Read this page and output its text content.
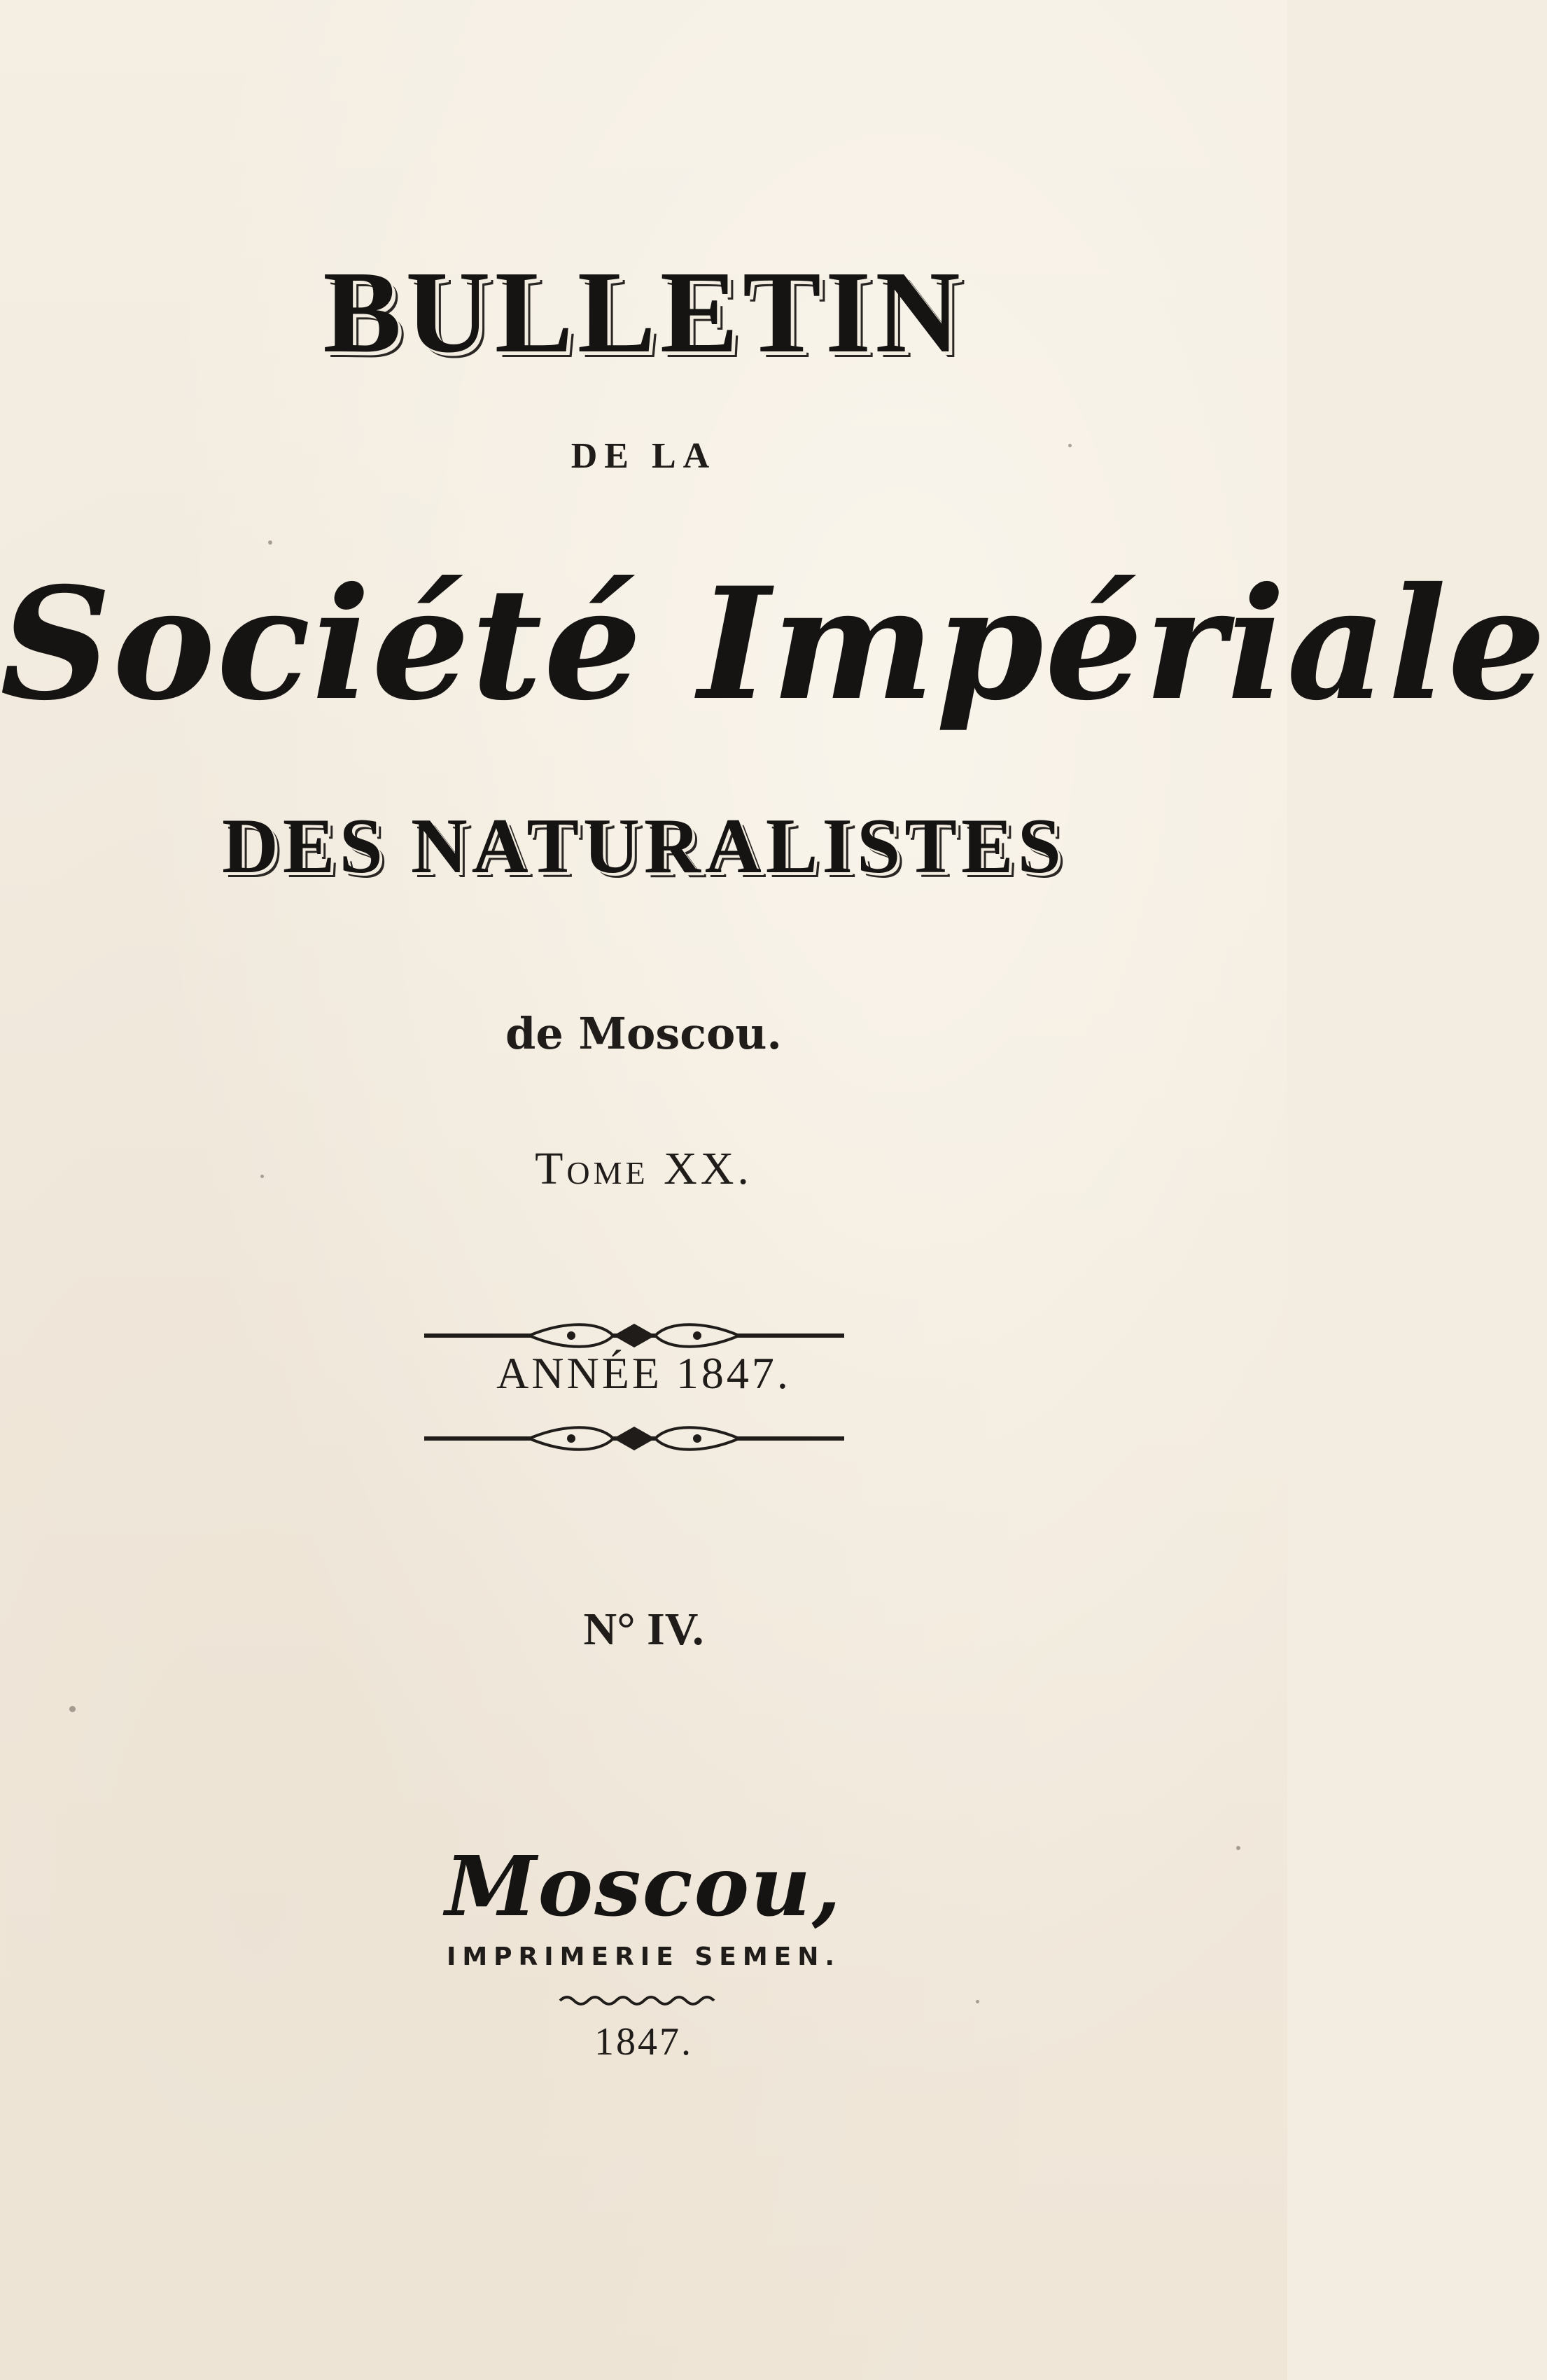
BULLETIN
DE LA
Société Impériale
DES NATURALISTES
de Moscou.
Tome XX.
ANNÉE 1847.
N° IV.
Moscou,
IMPRIMERIE SEMEN.
1847.
